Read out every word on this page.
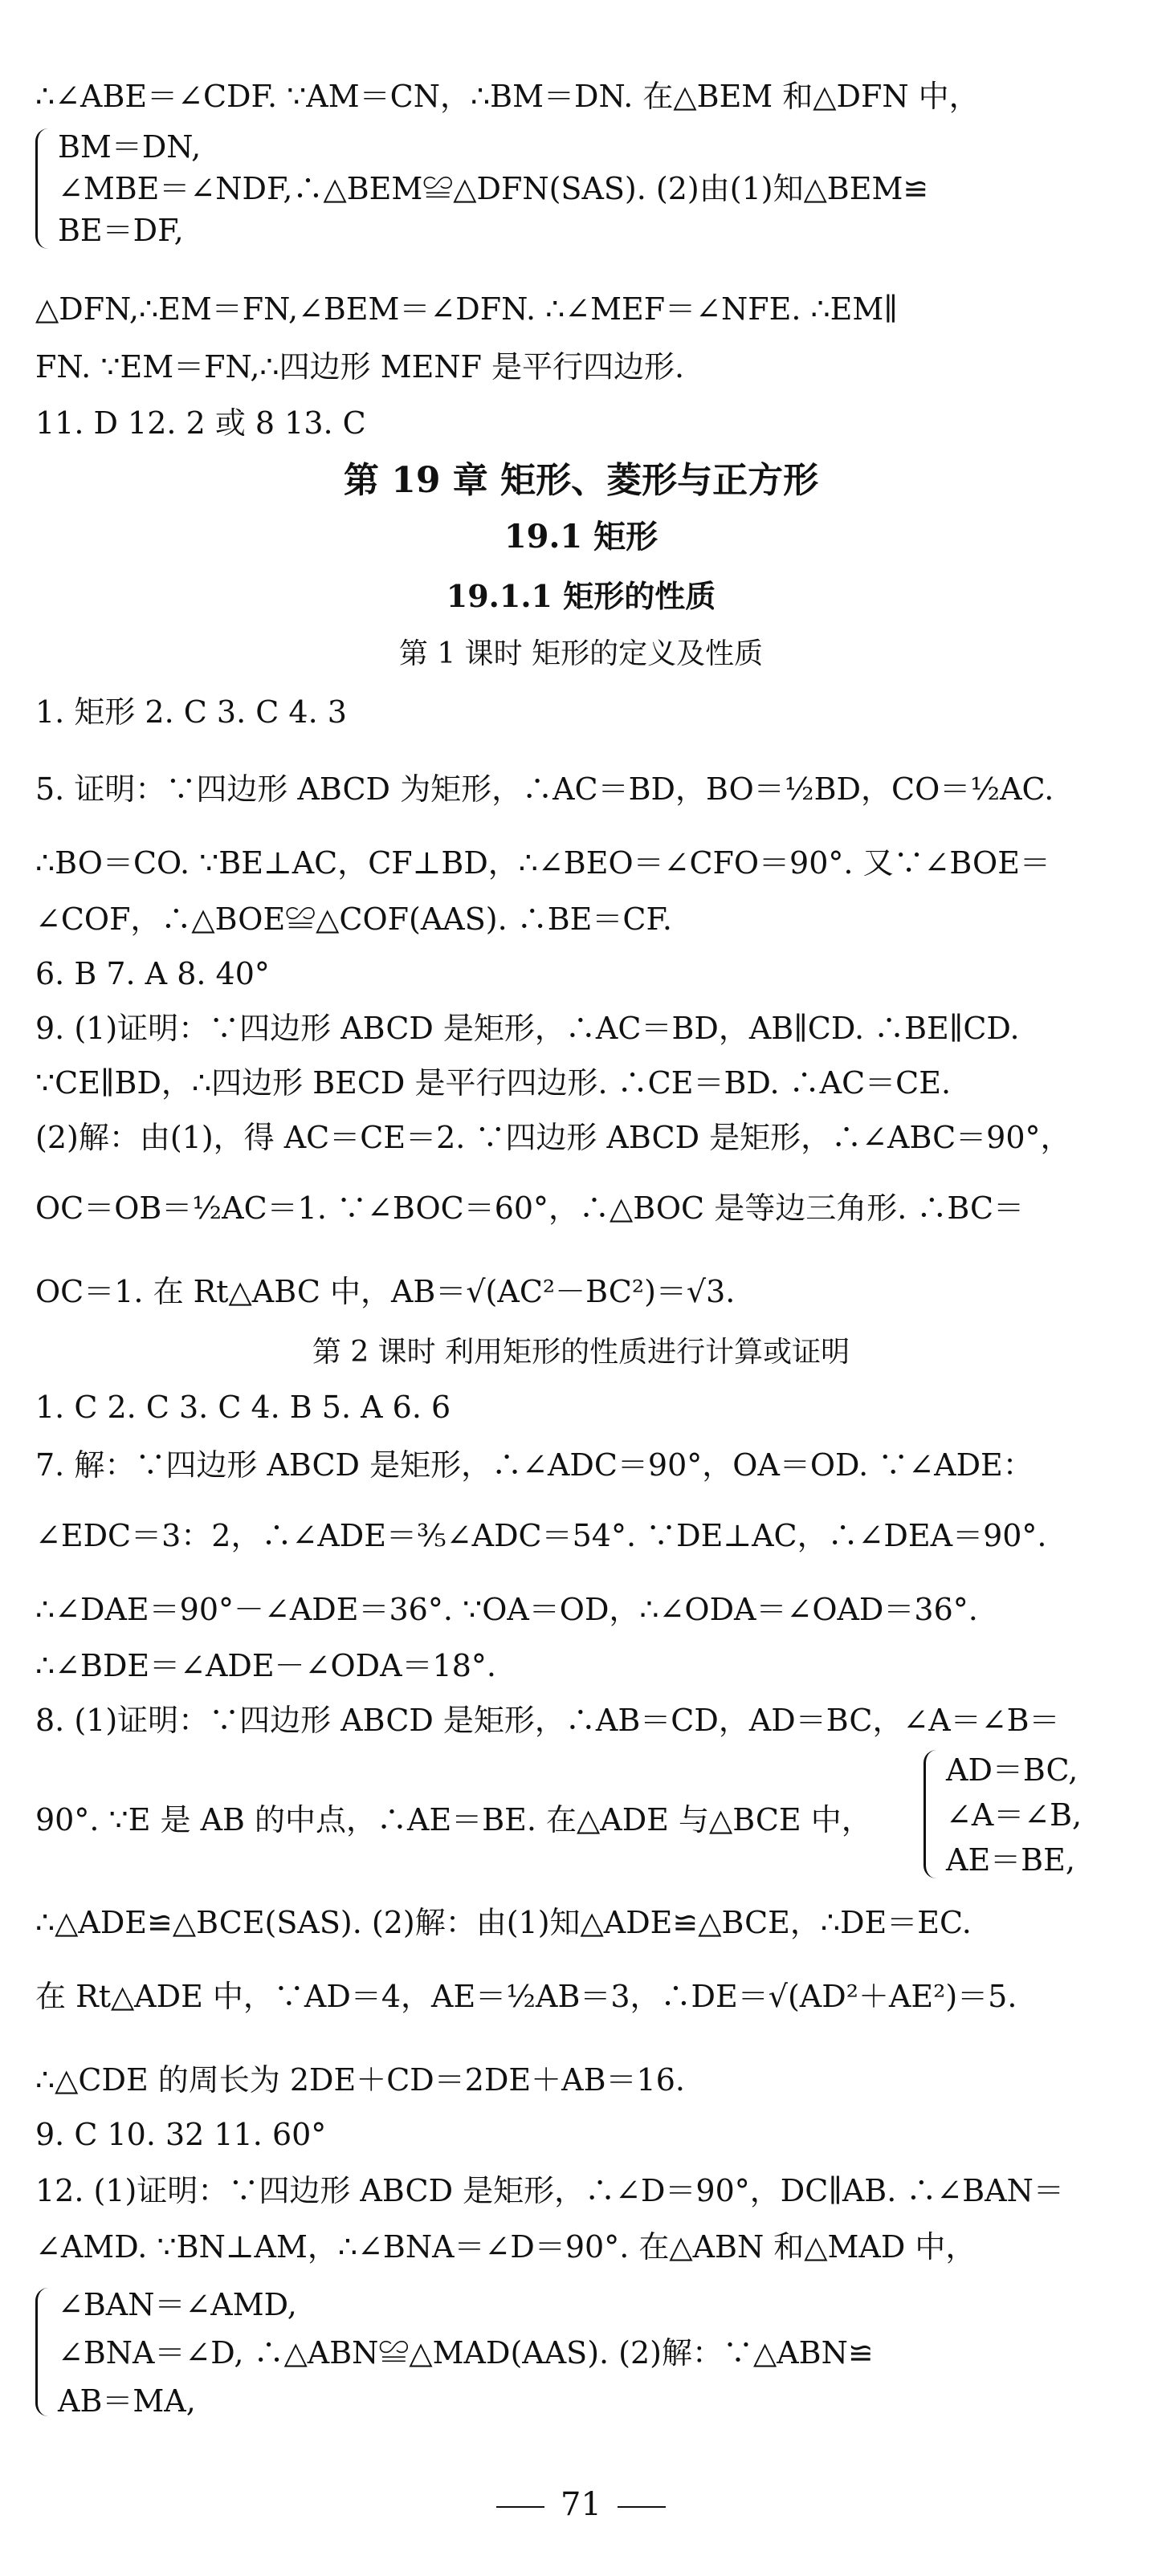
∴∠ABE＝∠CDF. ∵AM＝CN，∴BM＝DN. 在△BEM 和△DFN 中，
BM＝DN,
∠MBE＝∠NDF,∴△BEM≌△DFN(SAS). (2)由(1)知△BEM≌
BE＝DF,
△DFN,∴EM＝FN,∠BEM＝∠DFN. ∴∠MEF＝∠NFE. ∴EM∥
FN. ∵EM＝FN,∴四边形 MENF 是平行四边形.
11. D 12. 2 或 8 13. C
第 19 章 矩形、菱形与正方形
19.1 矩形
19.1.1 矩形的性质
第 1 课时 矩形的定义及性质
1. 矩形 2. C 3. C 4. 3
5. 证明：∵四边形 ABCD 为矩形，∴AC＝BD，BO＝½BD，CO＝½AC.
∴BO＝CO. ∵BE⊥AC，CF⊥BD，∴∠BEO＝∠CFO＝90°. 又∵∠BOE＝
∠COF，∴△BOE≌△COF(AAS). ∴BE＝CF.
6. B 7. A 8. 40°
9. (1)证明：∵四边形 ABCD 是矩形，∴AC＝BD，AB∥CD. ∴BE∥CD.
∵CE∥BD，∴四边形 BECD 是平行四边形. ∴CE＝BD. ∴AC＝CE.
(2)解：由(1)，得 AC＝CE＝2. ∵四边形 ABCD 是矩形，∴∠ABC＝90°，
OC＝OB＝½AC＝1. ∵∠BOC＝60°，∴△BOC 是等边三角形. ∴BC＝
OC＝1. 在 Rt△ABC 中，AB＝√(AC²－BC²)＝√3.
第 2 课时 利用矩形的性质进行计算或证明
1. C 2. C 3. C 4. B 5. A 6. 6
7. 解：∵四边形 ABCD 是矩形，∴∠ADC＝90°，OA＝OD. ∵∠ADE：
∠EDC＝3：2，∴∠ADE＝⅗∠ADC＝54°. ∵DE⊥AC，∴∠DEA＝90°.
∴∠DAE＝90°－∠ADE＝36°. ∵OA＝OD，∴∠ODA＝∠OAD＝36°.
∴∠BDE＝∠ADE－∠ODA＝18°.
8. (1)证明：∵四边形 ABCD 是矩形，∴AB＝CD，AD＝BC，∠A＝∠B＝
90°. ∵E 是 AB 的中点，∴AE＝BE. 在△ADE 与△BCE 中，
AD＝BC,
∠A＝∠B,
AE＝BE,
∴△ADE≌△BCE(SAS). (2)解：由(1)知△ADE≌△BCE，∴DE＝EC.
在 Rt△ADE 中，∵AD＝4，AE＝½AB＝3，∴DE＝√(AD²＋AE²)＝5.
∴△CDE 的周长为 2DE＋CD＝2DE＋AB＝16.
9. C 10. 32 11. 60°
12. (1)证明：∵四边形 ABCD 是矩形，∴∠D＝90°，DC∥AB. ∴∠BAN＝
∠AMD. ∵BN⊥AM，∴∠BNA＝∠D＝90°. 在△ABN 和△MAD 中，
∠BAN＝∠AMD,
∠BNA＝∠D, ∴△ABN≌△MAD(AAS). (2)解：∵△ABN≌
AB＝MA,
71
